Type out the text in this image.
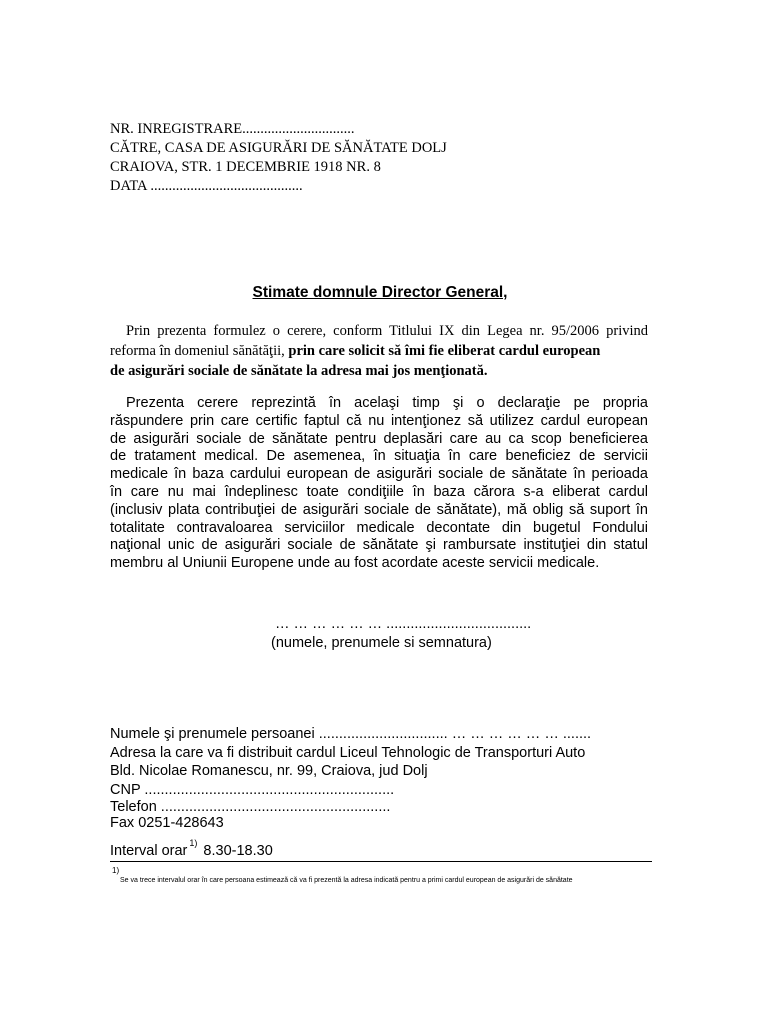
NR. INREGISTRARE...............................
CĂTRE, CASA DE ASIGURĂRI DE SĂNĂTATE DOLJ
CRAIOVA, STR. 1 DECEMBRIE 1918 NR. 8
DATA ..........................................
Stimate domnule Director General,
Prin prezenta formulez o cerere, conform Titlului IX din Legea nr. 95/2006 privind
reforma în domeniul sănătăţii, prin care solicit să îmi fie eliberat cardul european
de asigurări sociale de sănătate la adresa mai jos menţionată.
Prezenta cerere reprezintă în acelaşi timp şi o declaraţie pe propria
răspundere prin care certific faptul că nu intenţionez să utilizez cardul european
de asigurări sociale de sănătate pentru deplasări care au ca scop beneficierea
de tratament medical. De asemenea, în situaţia în care beneficiez de servicii
medicale în baza cardului european de asigurări sociale de sănătate în perioada
în care nu mai îndeplinesc toate condiţiile în baza cărora s-a eliberat cardul
(inclusiv plata contribuţiei de asigurări sociale de sănătate), mă oblig să suport în
totalitate contravaloarea serviciilor medicale decontate din bugetul Fondului
naţional unic de asigurări sociale de sănătate şi rambursate instituţiei din statul
membru al Uniunii Europene unde au fost acordate aceste servicii medicale.
… … … … … … ....................................
(numele, prenumele si semnatura)
Numele şi prenumele persoanei ................................ … … … … … … .......
Adresa la care va fi distribuit cardul Liceul Tehnologic de Transporturi Auto
Bld. Nicolae Romanescu, nr. 99, Craiova, jud Dolj
CNP ..............................................................
Telefon .........................................................
Fax 0251-428643
Interval orar $^{1)}$ 8.30-18.30
1)
Se va trece intervalul orar în care persoana estimează că va fi prezentă la adresa indicată pentru a primi cardul european de asigurări de sănătate
